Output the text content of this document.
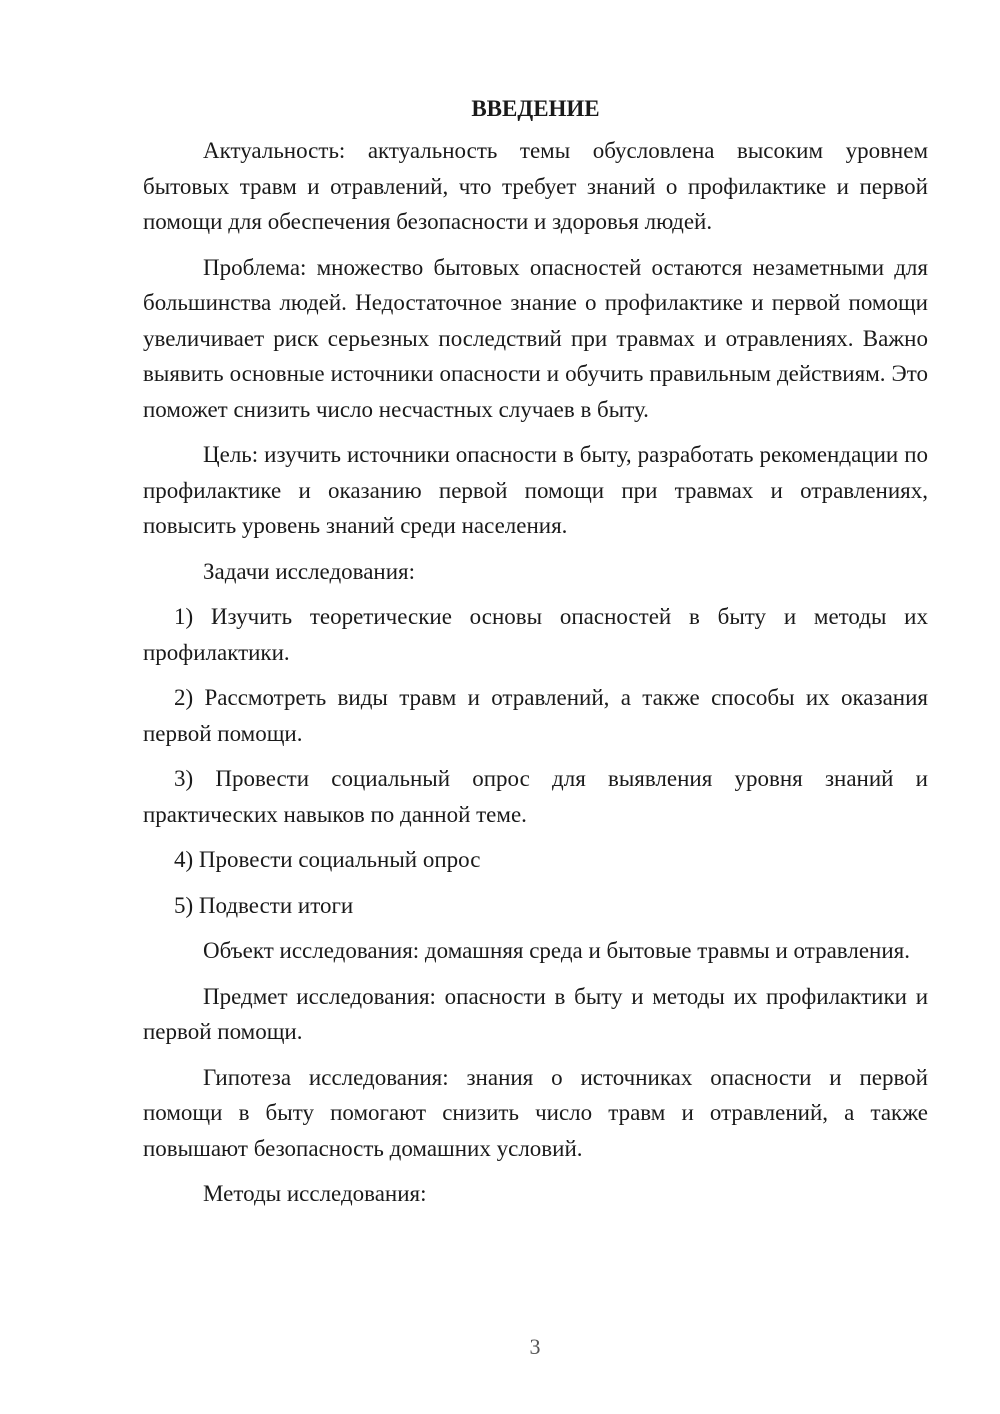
ВВЕДЕНИЕ

Актуальность: актуальность темы обусловлена высоким уровнем бытовых травм и отравлений, что требует знаний о профилактике и первой помощи для обеспечения безопасности и здоровья людей.

Проблема: множество бытовых опасностей остаются незаметными для большинства людей. Недостаточное знание о профилактике и первой помощи увеличивает риск серьезных последствий при травмах и отравлениях. Важно выявить основные источники опасности и обучить правильным действиям. Это поможет снизить число несчастных случаев в быту.

Цель: изучить источники опасности в быту, разработать рекомендации по профилактике и оказанию первой помощи при травмах и отравлениях, повысить уровень знаний среди населения.

Задачи исследования:

1) Изучить теоретические основы опасностей в быту и методы их профилактики.

2) Рассмотреть виды травм и отравлений, а также способы их оказания первой помощи.

3) Провести социальный опрос для выявления уровня знаний и практических навыков по данной теме.

4) Провести социальный опрос

5) Подвести итоги

Объект исследования: домашняя среда и бытовые травмы и отравления.

Предмет исследования: опасности в быту и методы их профилактики и первой помощи.

Гипотеза исследования: знания о источниках опасности и первой помощи в быту помогают снизить число травм и отравлений, а также повышают безопасность домашних условий.

Методы исследования:

3
